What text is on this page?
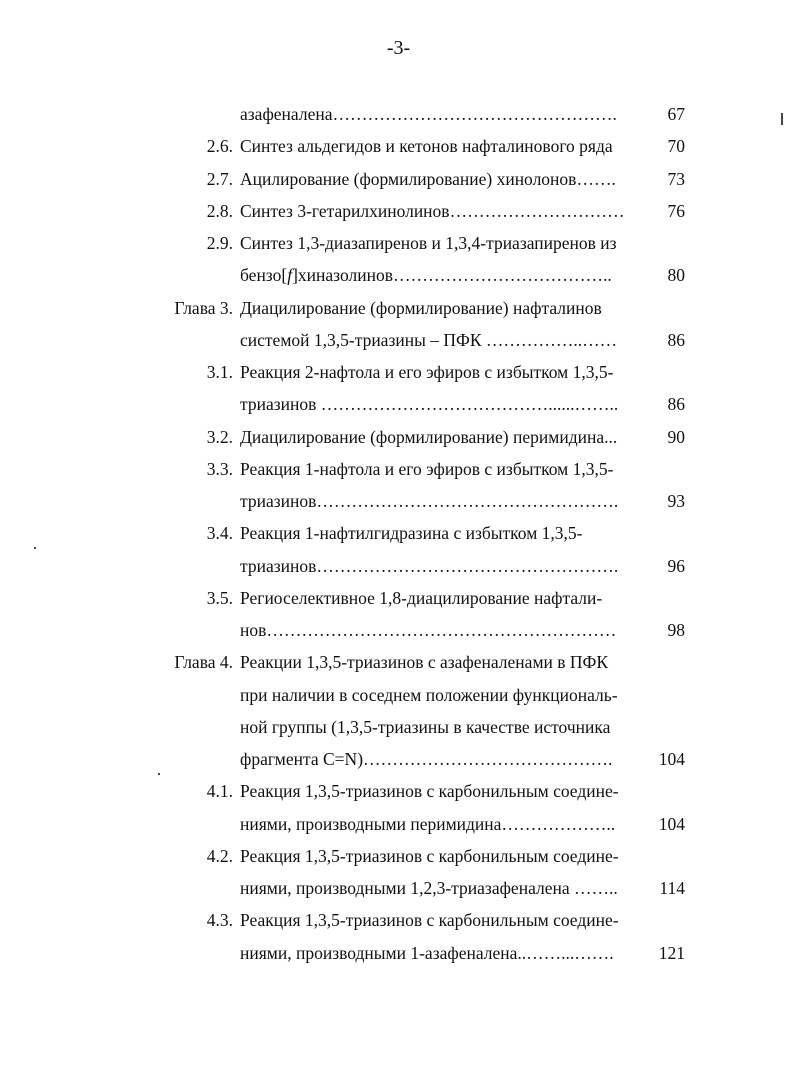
-3-
азафеналена………………………………………….	67
2.6. Синтез альдегидов и кетонов нафталинового ряда	70
2.7. Ацилирование (формилирование) хинолонов…….	73
2.8. Синтез 3-гетарилхинолинов………………………… 76
2.9. Синтез 1,3-диазапиренов и 1,3,4-триазапиренов из
бензо[f]хиназолинов………………………………..	80
Глава 3. Диацилирование (формилирование) нафталинов
системой 1,3,5-триазины – ПФК ……………..……	86
3.1. Реакция 2-нафтола и его эфиров с избытком 1,3,5-
триазинов …………………………………......……..	86
3.2. Диацилирование (формилирование) перимидина...	90
3.3. Реакция 1-нафтола и его эфиров с избытком 1,3,5-
триазинов…………………………………………….	93
3.4. Реакция 1-нафтилгидразина с избытком 1,3,5-
триазинов…………………………………………….	96
3.5. Региоселективное 1,8-диацилирование нафтали-
нов……………………………………………………	98
Глава 4. Реакции 1,3,5-триазинов с азафеналенами в ПФК
при наличии в соседнем положении функциональ-
ной группы (1,3,5-триазины в качестве источника
фрагмента C=N)…………………………………….	104
4.1. Реакция 1,3,5-триазинов с карбонильным соедине-
ниями, производными перимидина……………….. 104
4.2. Реакция 1,3,5-триазинов с карбонильным соедине-
ниями, производными 1,2,3-триазафеналена …….. 114
4.3. Реакция 1,3,5-триазинов с карбонильным соедине-
ниями, производными 1-азафеналена..……...…….	121
